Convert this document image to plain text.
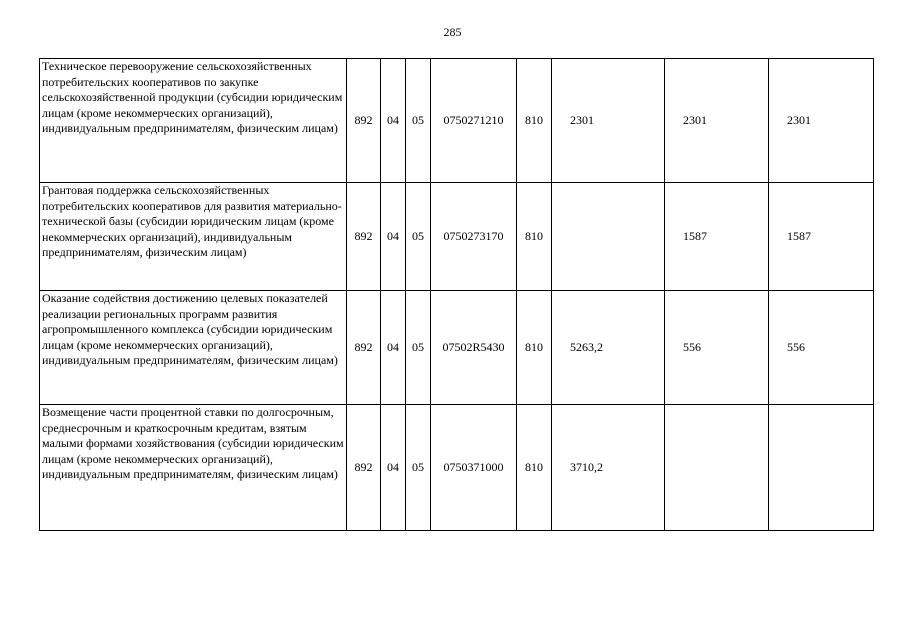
285
Техническое перевооружение сельскохозяйственных потребительских кооперативов по закупке сельскохозяйственной продукции (субсидии юридическим лицам (кроме некоммерческих организаций), индивидуальным предпринимателям, физическим лицам)	892	04	05	0750271210	810	2301	2301	2301
Грантовая поддержка сельскохозяйственных потребительских кооперативов для развития материально-технической базы (субсидии юридическим лицам (кроме некоммерческих организаций), индивидуальным предпринимателям, физическим лицам)	892	04	05	0750273170	810		1587	1587
Оказание содействия достижению целевых показателей реализации региональных программ развития агропромышленного комплекса (субсидии юридическим лицам (кроме некоммерческих организаций), индивидуальным предпринимателям, физическим лицам)	892	04	05	07502R5430	810	5263,2	556	556
Возмещение части процентной ставки по долгосрочным, среднесрочным и краткосрочным кредитам, взятым малыми формами хозяйствования (субсидии юридическим лицам (кроме некоммерческих организаций), индивидуальным предпринимателям, физическим лицам)	892	04	05	0750371000	810	3710,2		
